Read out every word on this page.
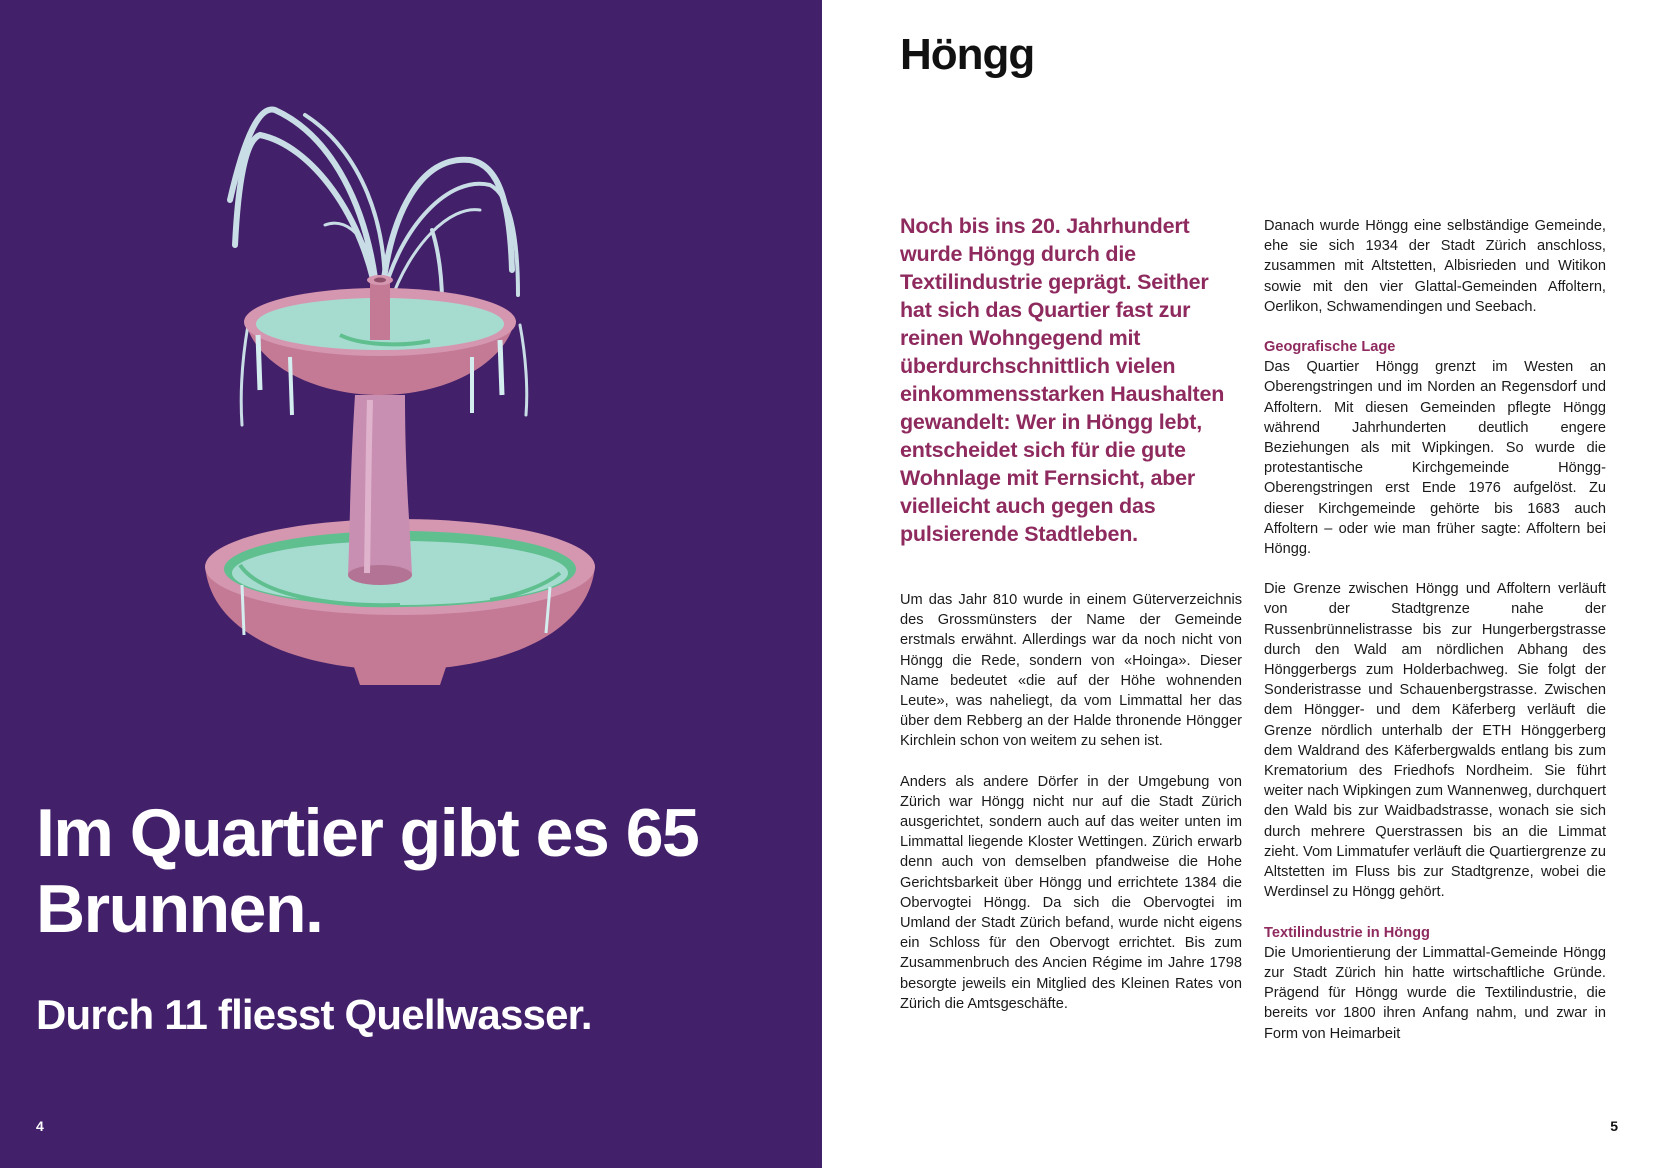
Im Quartier gibt es 65 Brunnen.
Durch 11 fliesst Quellwasser.
4
Höngg

Noch bis ins 20. Jahrhundert wurde Höngg durch die Textilindustrie geprägt. Seither hat sich das Quartier fast zur reinen Wohngegend mit überdurchschnittlich vielen einkommensstarken Haushalten gewandelt: Wer in Höngg lebt, entscheidet sich für die gute Wohnlage mit Fernsicht, aber vielleicht auch gegen das pulsierende Stadtleben.

Um das Jahr 810 wurde in einem Güterverzeichnis des Grossmünsters der Name der Gemeinde erstmals erwähnt. Allerdings war da noch nicht von Höngg die Rede, sondern von «Hoinga». Dieser Name bedeutet «die auf der Höhe wohnenden Leute», was naheliegt, da vom Limmattal her das über dem Rebberg an der Halde thronende Höngger Kirchlein schon von weitem zu sehen ist.

Anders als andere Dörfer in der Umgebung von Zürich war Höngg nicht nur auf die Stadt Zürich ausgerichtet, sondern auch auf das weiter unten im Limmattal liegende Kloster Wettingen. Zürich erwarb denn auch von demselben pfandweise die Hohe Gerichtsbarkeit über Höngg und errichtete 1384 die Obervogtei Höngg. Da sich die Obervogtei im Umland der Stadt Zürich befand, wurde nicht eigens ein Schloss für den Obervogt errichtet. Bis zum Zusammenbruch des Ancien Régime im Jahre 1798 besorgte jeweils ein Mitglied des Kleinen Rates von Zürich die Amtsgeschäfte.

Danach wurde Höngg eine selbständige Gemeinde, ehe sie sich 1934 der Stadt Zürich anschloss, zusammen mit Altstetten, Albisrieden und Witikon sowie mit den vier Glattal-Gemeinden Affoltern, Oerlikon, Schwamendingen und Seebach.

Geografische Lage

Das Quartier Höngg grenzt im Westen an Oberengstringen und im Norden an Regensdorf und Affoltern. Mit diesen Gemeinden pflegte Höngg während Jahrhunderten deutlich engere Beziehungen als mit Wipkingen. So wurde die protestantische Kirchgemeinde Höngg-Oberengstringen erst Ende 1976 aufgelöst. Zu dieser Kirchgemeinde gehörte bis 1683 auch Affoltern – oder wie man früher sagte: Affoltern bei Höngg.

Die Grenze zwischen Höngg und Affoltern verläuft von der Stadtgrenze nahe der Russenbrünnelistrasse bis zur Hungerbergstrasse durch den Wald am nördlichen Abhang des Hönggerbergs zum Holderbachweg. Sie folgt der Sonderistrasse und Schauenbergstrasse. Zwischen dem Höngger- und dem Käferberg verläuft die Grenze nördlich unterhalb der ETH Hönggerberg dem Waldrand des Käferbergwalds entlang bis zum Krematorium des Friedhofs Nordheim. Sie führt weiter nach Wipkingen zum Wannenweg, durchquert den Wald bis zur Waidbadstrasse, wonach sie sich durch mehrere Querstrassen bis an die Limmat zieht. Vom Limmatufer verläuft die Quartiergrenze zu Altstetten im Fluss bis zur Stadtgrenze, wobei die Werdinsel zu Höngg gehört.

Textilindustrie in Höngg

Die Umorientierung der Limmattal-Gemeinde Höngg zur Stadt Zürich hin hatte wirtschaftliche Gründe. Prägend für Höngg wurde die Textilindustrie, die bereits vor 1800 ihren Anfang nahm, und zwar in Form von Heimarbeit

5
